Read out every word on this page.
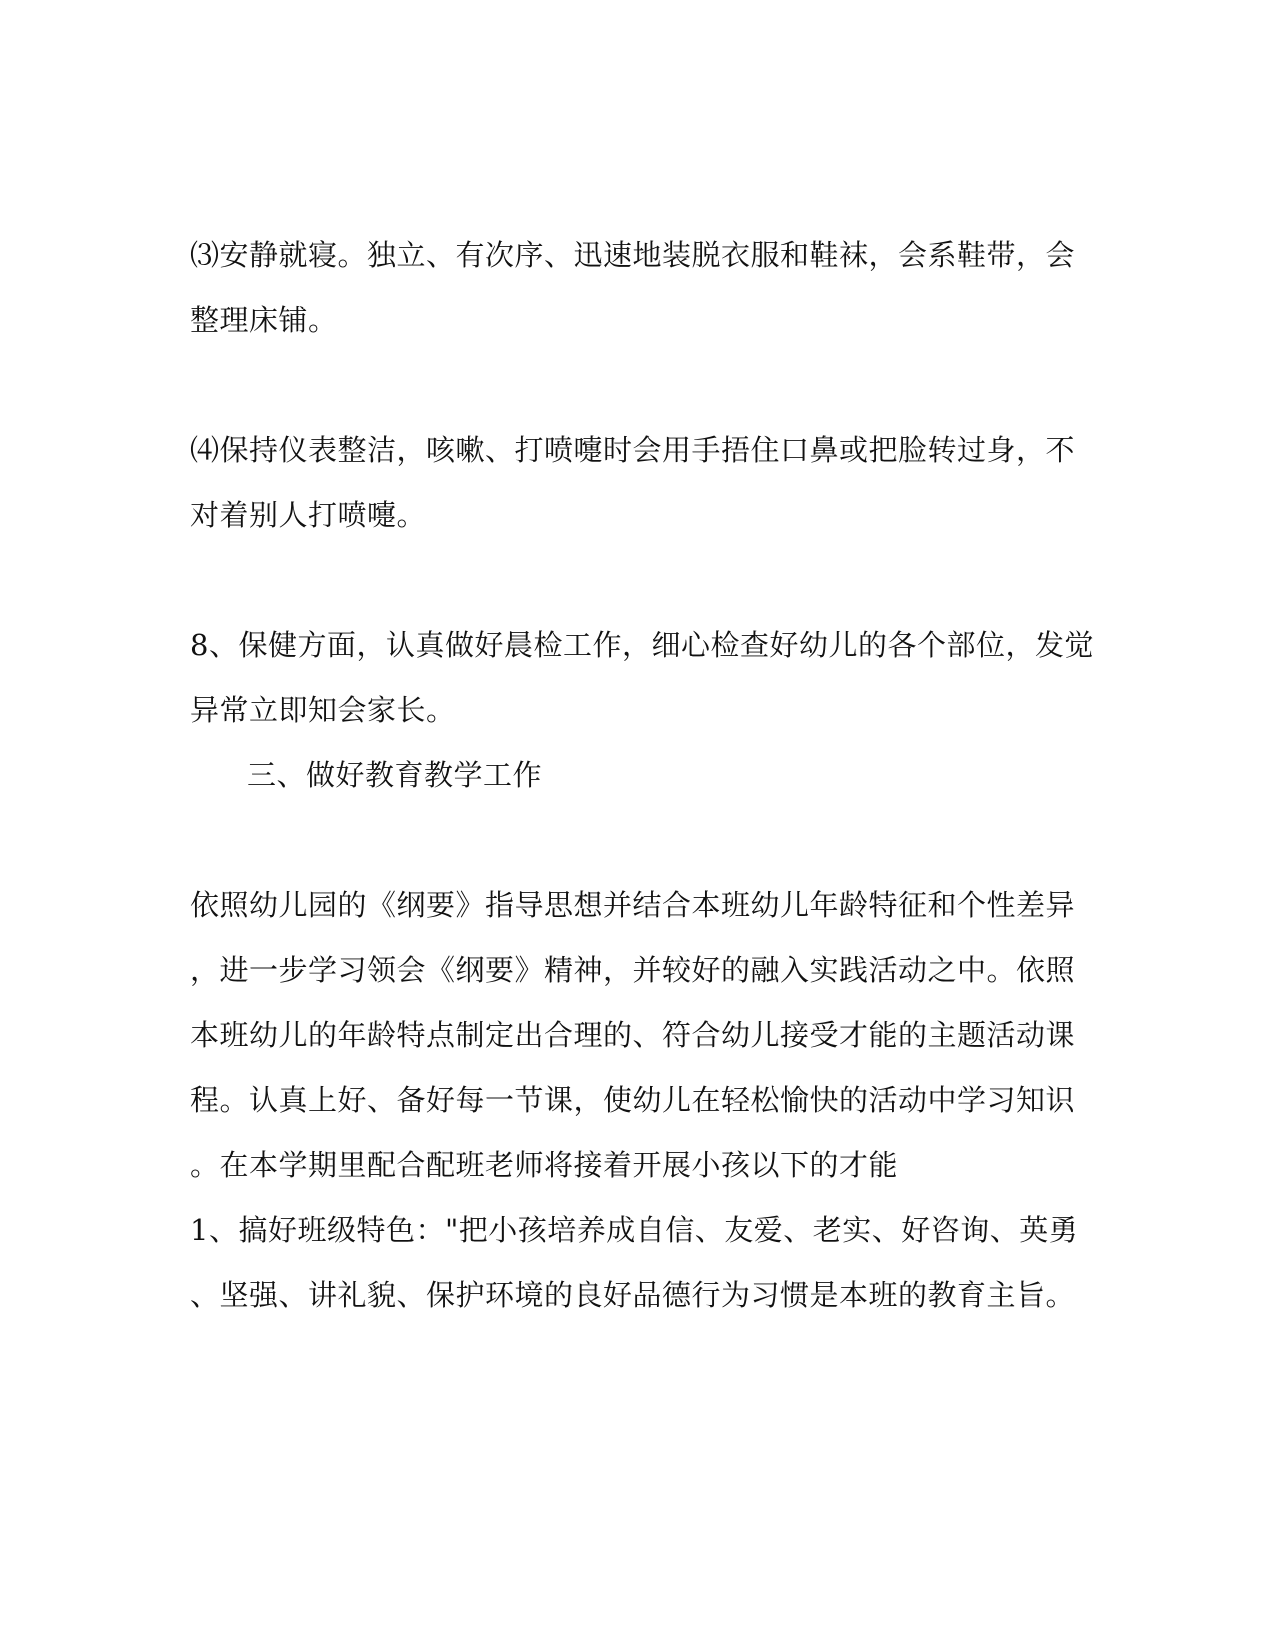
⑶安静就寝。独立、有次序、迅速地装脱衣服和鞋袜，会系鞋带，会
整理床铺。
⑷保持仪表整洁，咳嗽、打喷嚏时会用手捂住口鼻或把脸转过身，不
对着别人打喷嚏。
8、保健方面，认真做好晨检工作，细心检查好幼儿的各个部位，发觉
异常立即知会家长。
三、做好教育教学工作
依照幼儿园的《纲要》指导思想并结合本班幼儿年龄特征和个性差异
，进一步学习领会《纲要》精神，并较好的融入实践活动之中。依照
本班幼儿的年龄特点制定出合理的、符合幼儿接受才能的主题活动课
程。认真上好、备好每一节课，使幼儿在轻松愉快的活动中学习知识
。在本学期里配合配班老师将接着开展小孩以下的才能
1、搞好班级特色："把小孩培养成自信、友爱、老实、好咨询、英勇
、坚强、讲礼貌、保护环境的良好品德行为习惯是本班的教育主旨。
